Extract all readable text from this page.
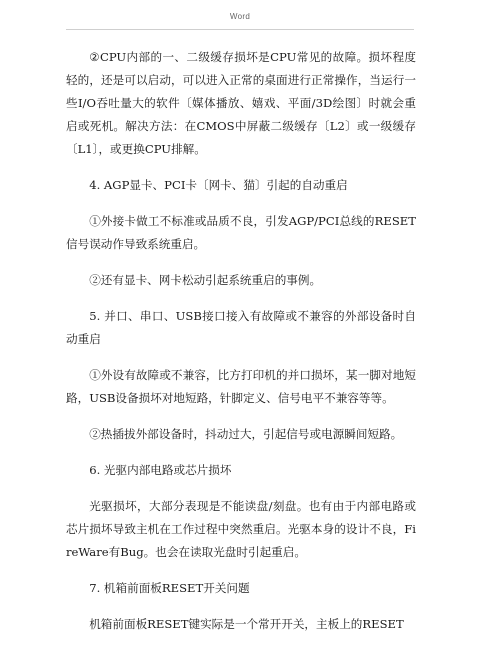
Word

②CPU内部的一、二级缓存损坏是CPU常见的故障。损坏程度轻的，还是可以启动，可以进入正常的桌面进行正常操作，当运行一些I/O吞吐量大的软件〔媒体播放、嬉戏、平面/3D绘图〕时就会重启或死机。解决方法：在CMOS中屏蔽二级缓存〔L2〕或一级缓存〔L1〕，或更换CPU排解。

4. AGP显卡、PCI卡〔网卡、猫〕引起的自动重启

①外接卡做工不标准或品质不良，引发AGP/PCI总线的RESET信号误动作导致系统重启。

②还有显卡、网卡松动引起系统重启的事例。

5. 并口、串口、USB接口接入有故障或不兼容的外部设备时自动重启

①外设有故障或不兼容，比方打印机的并口损坏，某一脚对地短路，USB设备损坏对地短路，针脚定义、信号电平不兼容等等。

②热插拔外部设备时，抖动过大，引起信号或电源瞬间短路。

6. 光驱内部电路或芯片损坏

光驱损坏，大部分表现是不能读盘/刻盘。也有由于内部电路或芯片损坏导致主机在工作过程中突然重启。光驱本身的设计不良，FireWare有Bug。也会在读取光盘时引起重启。

7. 机箱前面板RESET开关问题

机箱前面板RESET键实际是一个常开开关，主板上的RESET
